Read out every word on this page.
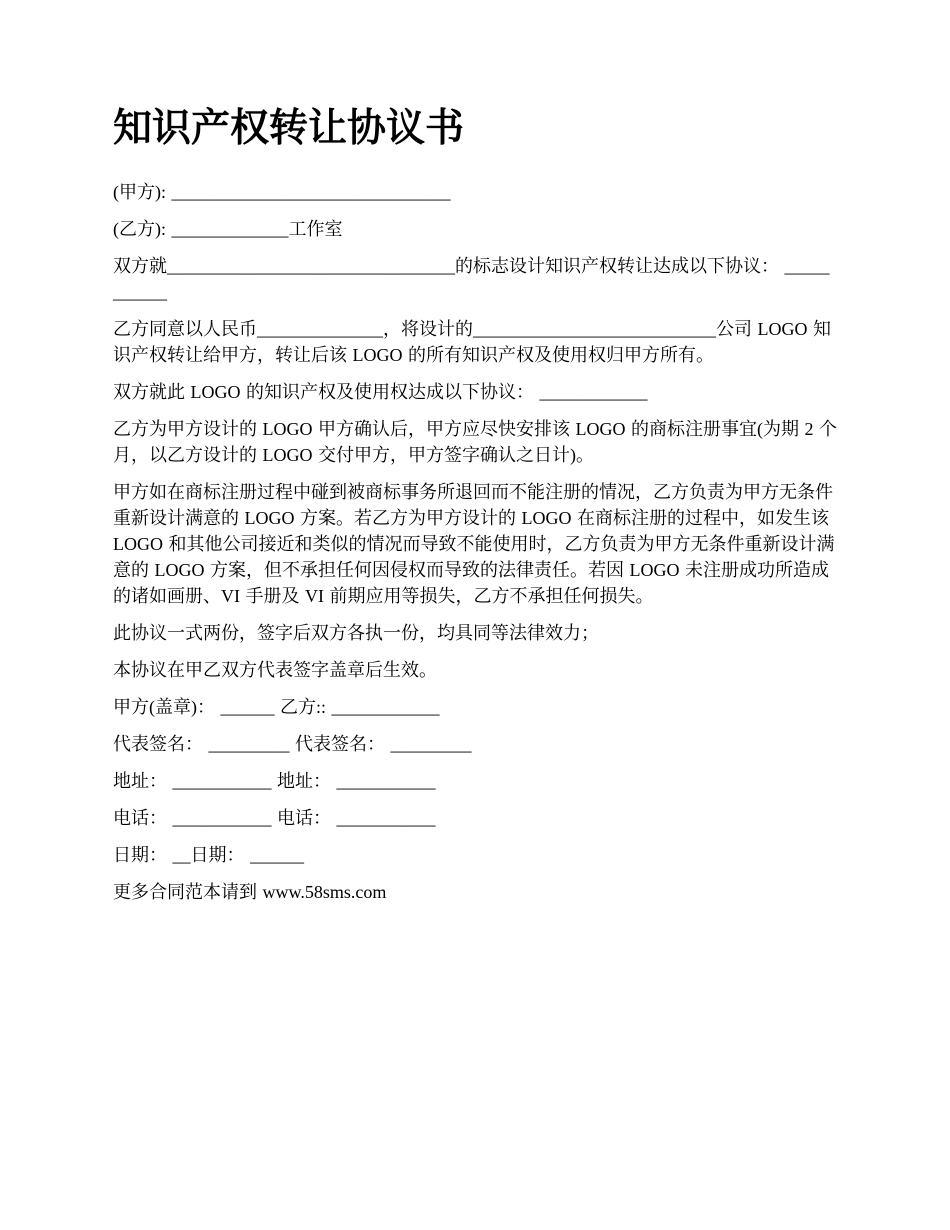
知识产权转让协议书

(甲方): _______________________________

(乙方): _____________工作室

双方就________________________________的标志设计知识产权转让达成以下协议： ___________

乙方同意以人民币______________，将设计的___________________________公司 LOGO 知识产权转让给甲方，转让后该 LOGO 的所有知识产权及使用权归甲方所有。

双方就此 LOGO 的知识产权及使用权达成以下协议： ____________

乙方为甲方设计的 LOGO 甲方确认后，甲方应尽快安排该 LOGO 的商标注册事宜(为期 2 个月，以乙方设计的 LOGO 交付甲方，甲方签字确认之日计)。

甲方如在商标注册过程中碰到被商标事务所退回而不能注册的情况，乙方负责为甲方无条件重新设计满意的 LOGO 方案。若乙方为甲方设计的 LOGO 在商标注册的过程中，如发生该 LOGO 和其他公司接近和类似的情况而导致不能使用时，乙方负责为甲方无条件重新设计满意的 LOGO 方案，但不承担任何因侵权而导致的法律责任。若因 LOGO 未注册成功所造成的诸如画册、VI 手册及 VI 前期应用等损失，乙方不承担任何损失。

此协议一式两份，签字后双方各执一份，均具同等法律效力；

本协议在甲乙双方代表签字盖章后生效。

甲方(盖章)： ______ 乙方:: ____________

代表签名： _________ 代表签名： _________

地址： ___________ 地址： ___________

电话： ___________ 电话： ___________

日期： __日期： ______

更多合同范本请到 www.58sms.com
